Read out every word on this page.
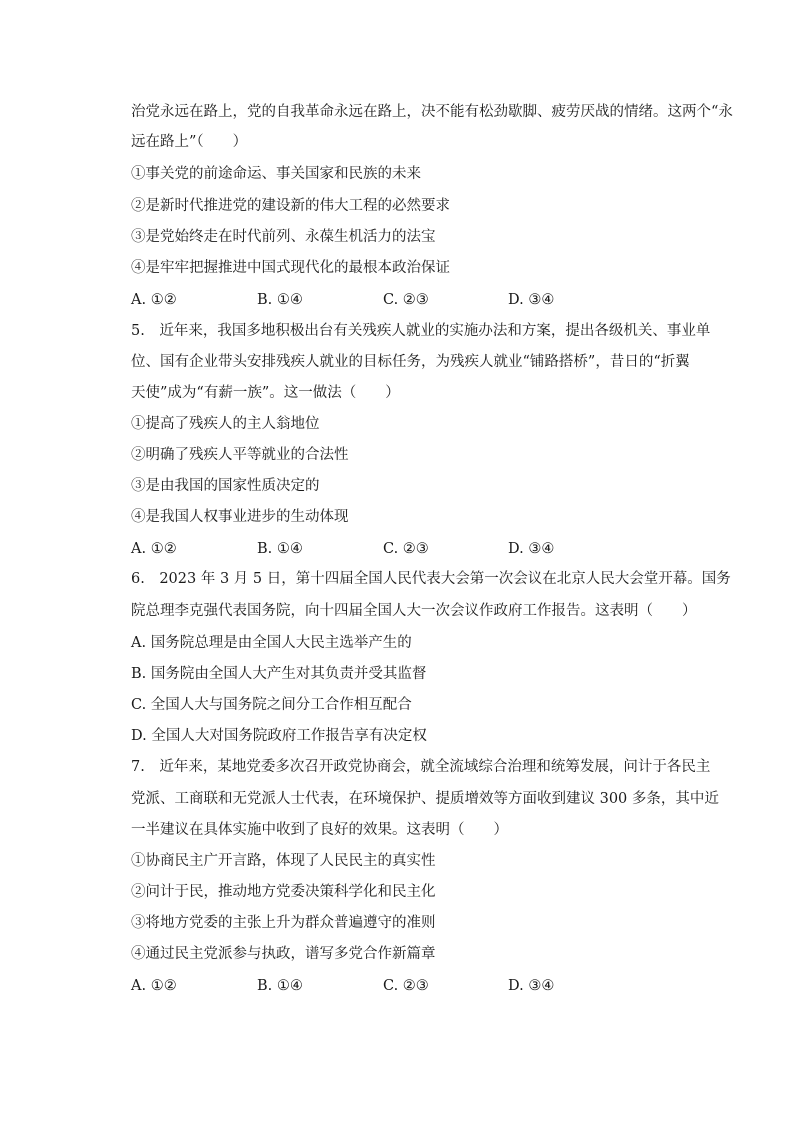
治党永远在路上，党的自我革命永远在路上，决不能有松劲歇脚、疲劳厌战的情绪。这两个“永
远在路上”（　　）
①事关党的前途命运、事关国家和民族的未来
②是新时代推进党的建设新的伟大工程的必然要求
③是党始终走在时代前列、永葆生机活力的法宝
④是牢牢把握推进中国式现代化的最根本政治保证
A. ①②	B. ①④	C. ②③	D. ③④
5.　近年来，我国多地积极出台有关残疾人就业的实施办法和方案，提出各级机关、事业单
位、国有企业带头安排残疾人就业的目标任务，为残疾人就业“铺路搭桥”，昔日的“折翼
天使”成为“有薪一族”。这一做法（　　）
①提高了残疾人的主人翁地位
②明确了残疾人平等就业的合法性
③是由我国的国家性质决定的
④是我国人权事业进步的生动体现
A. ①②	B. ①④	C. ②③	D. ③④
6.　2023 年 3 月 5 日，第十四届全国人民代表大会第一次会议在北京人民大会堂开幕。国务
院总理李克强代表国务院，向十四届全国人大一次会议作政府工作报告。这表明（　　）
A. 国务院总理是由全国人大民主选举产生的
B. 国务院由全国人大产生对其负责并受其监督
C. 全国人大与国务院之间分工合作相互配合
D. 全国人大对国务院政府工作报告享有决定权
7.　近年来，某地党委多次召开政党协商会，就全流域综合治理和统筹发展，问计于各民主
党派、工商联和无党派人士代表，在环境保护、提质增效等方面收到建议 300 多条，其中近
一半建议在具体实施中收到了良好的效果。这表明（　　）
①协商民主广开言路，体现了人民民主的真实性
②问计于民，推动地方党委决策科学化和民主化
③将地方党委的主张上升为群众普遍遵守的准则
④通过民主党派参与执政，谱写多党合作新篇章
A. ①②	B. ①④	C. ②③	D. ③④
